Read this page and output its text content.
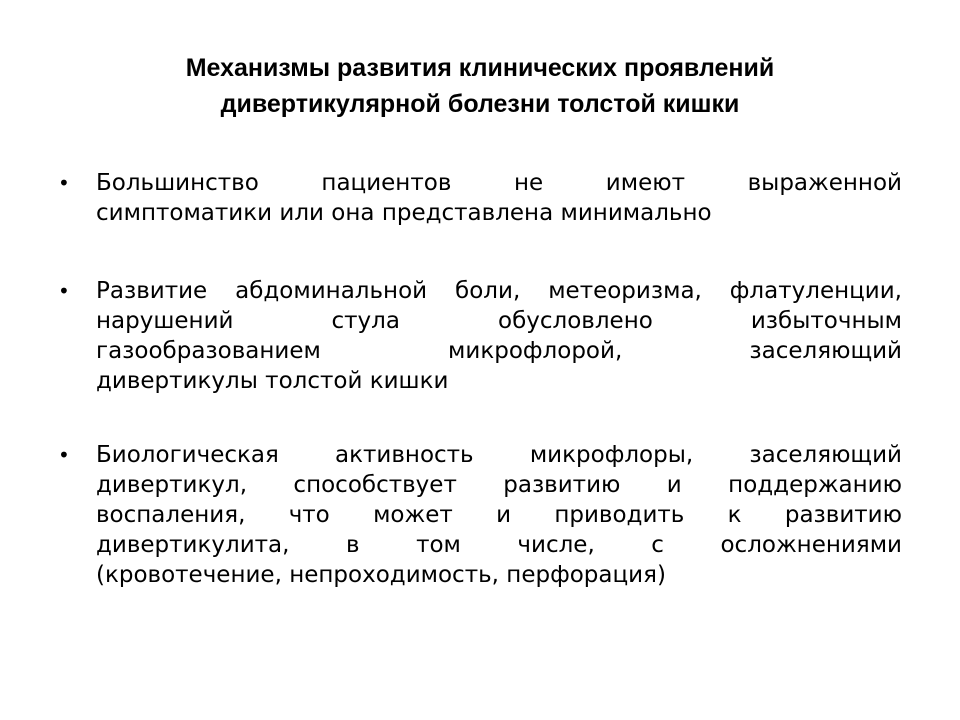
Механизмы развития клинических проявлений
дивертикулярной болезни толстой кишки
•	Большинство пациентов не имеют выраженной
симптоматики или она представлена минимально
•	Развитие абдоминальной боли, метеоризма, флатуленции,
нарушений стула обусловлено избыточным
газообразованием микрофлорой, заселяющий
дивертикулы толстой кишки
•	Биологическая активность микрофлоры, заселяющий
дивертикул, способствует развитию и поддержанию
воспаления, что может и приводить к развитию
дивертикулита, в том числе, с осложнениями
(кровотечение, непроходимость, перфорация)
